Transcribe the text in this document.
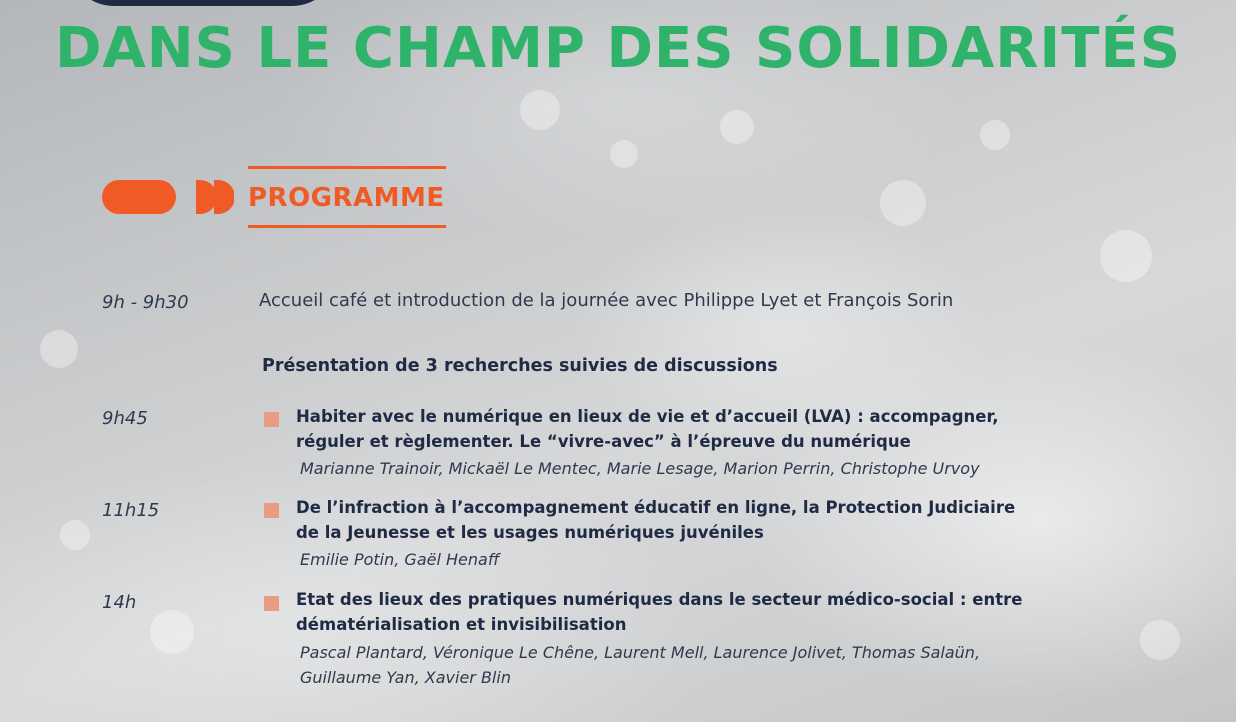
DANS LE CHAMP DES SOLIDARITÉS
PROGRAMME
9h - 9h30	Accueil café et introduction de la journée avec Philippe Lyet et François Sorin
Présentation de 3 recherches suivies de discussions
9h45	Habiter avec le numérique en lieux de vie et d’accueil (LVA) : accompagner,
réguler et règlementer. Le “vivre-avec” à l’épreuve du numérique
Marianne Trainoir, Mickaël Le Mentec, Marie Lesage, Marion Perrin, Christophe Urvoy
11h15	De l’infraction à l’accompagnement éducatif en ligne, la Protection Judiciaire
de la Jeunesse et les usages numériques juvéniles
Emilie Potin, Gaël Henaff
14h	Etat des lieux des pratiques numériques dans le secteur médico-social : entre
dématérialisation et invisibilisation
Pascal Plantard, Véronique Le Chêne, Laurent Mell, Laurence Jolivet, Thomas Salaün,
Guillaume Yan, Xavier Blin
